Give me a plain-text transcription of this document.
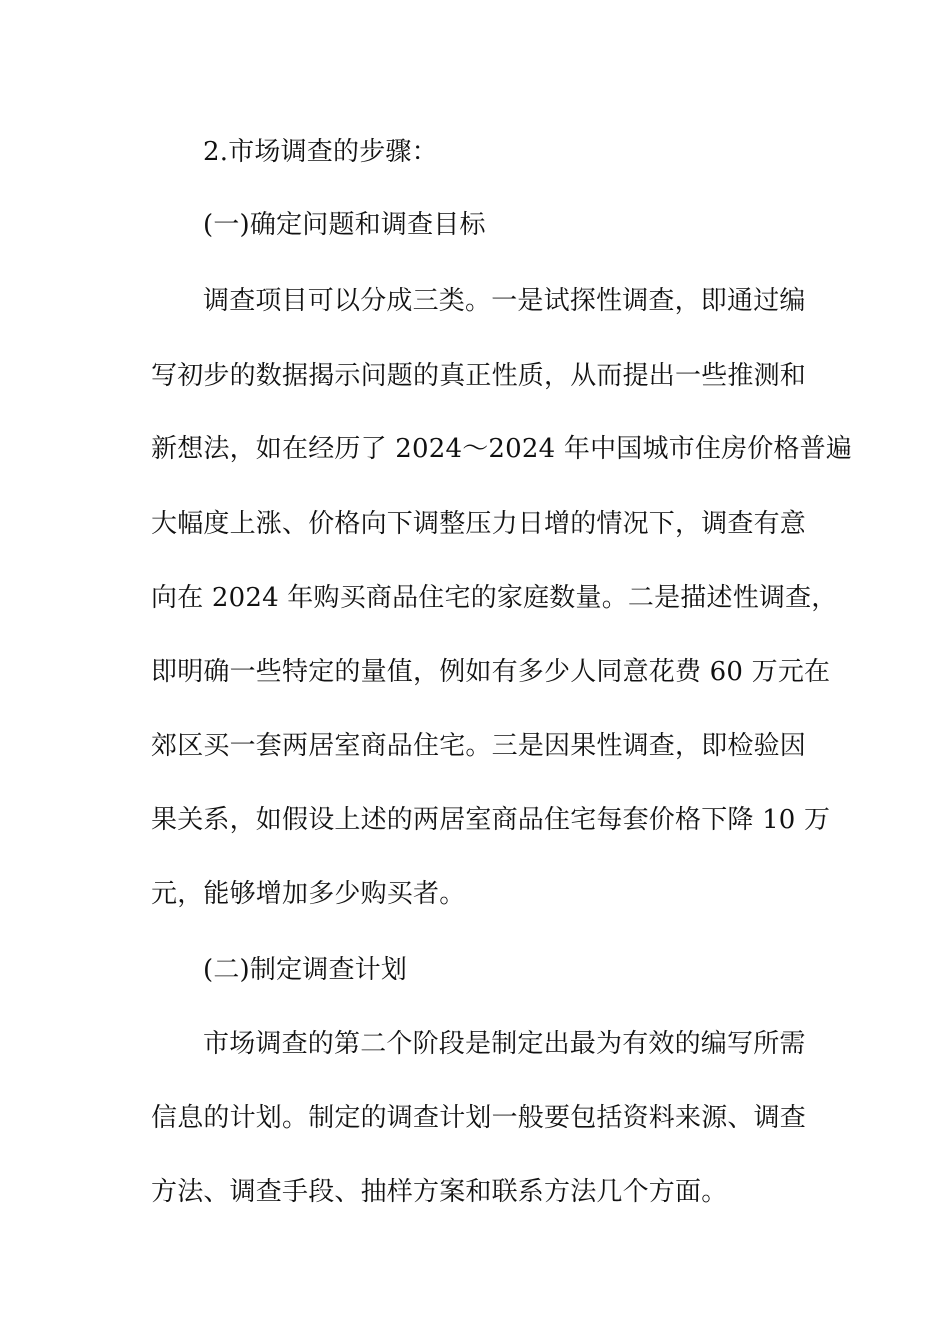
2.市场调查的步骤：
(一)确定问题和调查目标
调查项目可以分成三类。一是试探性调查，即通过编
写初步的数据揭示问题的真正性质，从而提出一些推测和
新想法，如在经历了 2024～2024 年中国城市住房价格普遍
大幅度上涨、价格向下调整压力日增的情况下，调查有意
向在 2024 年购买商品住宅的家庭数量。二是描述性调查，
即明确一些特定的量值，例如有多少人同意花费 60 万元在
郊区买一套两居室商品住宅。三是因果性调查，即检验因
果关系，如假设上述的两居室商品住宅每套价格下降 10 万
元，能够增加多少购买者。
(二)制定调查计划
市场调查的第二个阶段是制定出最为有效的编写所需
信息的计划。制定的调查计划一般要包括资料来源、调查
方法、调查手段、抽样方案和联系方法几个方面。
